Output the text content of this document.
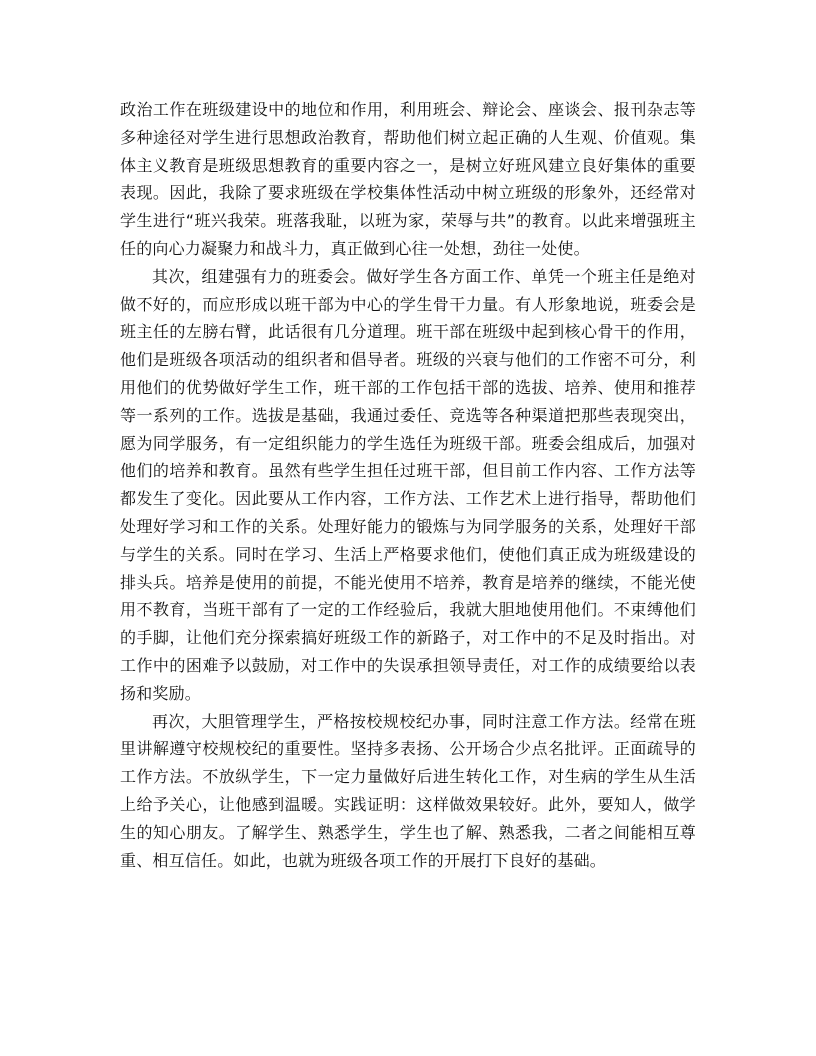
政治工作在班级建设中的地位和作用，利用班会、辩论会、座谈会、报刊杂志等多种途径对学生进行思想政治教育，帮助他们树立起正确的人生观、价值观。集体主义教育是班级思想教育的重要内容之一，是树立好班风建立良好集体的重要表现。因此，我除了要求班级在学校集体性活动中树立班级的形象外，还经常对学生进行“班兴我荣。班落我耻，以班为家，荣辱与共”的教育。以此来增强班主任的向心力凝聚力和战斗力，真正做到心往一处想，劲往一处使。

其次，组建强有力的班委会。做好学生各方面工作、单凭一个班主任是绝对做不好的，而应形成以班干部为中心的学生骨干力量。有人形象地说，班委会是班主任的左膀右臂，此话很有几分道理。班干部在班级中起到核心骨干的作用，他们是班级各项活动的组织者和倡导者。班级的兴衰与他们的工作密不可分，利用他们的优势做好学生工作，班干部的工作包括干部的选拔、培养、使用和推荐等一系列的工作。选拔是基础，我通过委任、竞选等各种渠道把那些表现突出，愿为同学服务，有一定组织能力的学生选任为班级干部。班委会组成后，加强对他们的培养和教育。虽然有些学生担任过班干部，但目前工作内容、工作方法等都发生了变化。因此要从工作内容，工作方法、工作艺术上进行指导，帮助他们处理好学习和工作的关系。处理好能力的锻炼与为同学服务的关系，处理好干部与学生的关系。同时在学习、生活上严格要求他们，使他们真正成为班级建设的排头兵。培养是使用的前提，不能光使用不培养，教育是培养的继续，不能光使用不教育，当班干部有了一定的工作经验后，我就大胆地使用他们。不束缚他们的手脚，让他们充分探索搞好班级工作的新路子，对工作中的不足及时指出。对工作中的困难予以鼓励，对工作中的失误承担领导责任，对工作的成绩要给以表扬和奖励。

再次，大胆管理学生，严格按校规校纪办事，同时注意工作方法。经常在班里讲解遵守校规校纪的重要性。坚持多表扬、公开场合少点名批评。正面疏导的工作方法。不放纵学生，下一定力量做好后进生转化工作，对生病的学生从生活上给予关心，让他感到温暖。实践证明：这样做效果较好。此外，要知人，做学生的知心朋友。了解学生、熟悉学生，学生也了解、熟悉我，二者之间能相互尊重、相互信任。如此，也就为班级各项工作的开展打下良好的基础。
